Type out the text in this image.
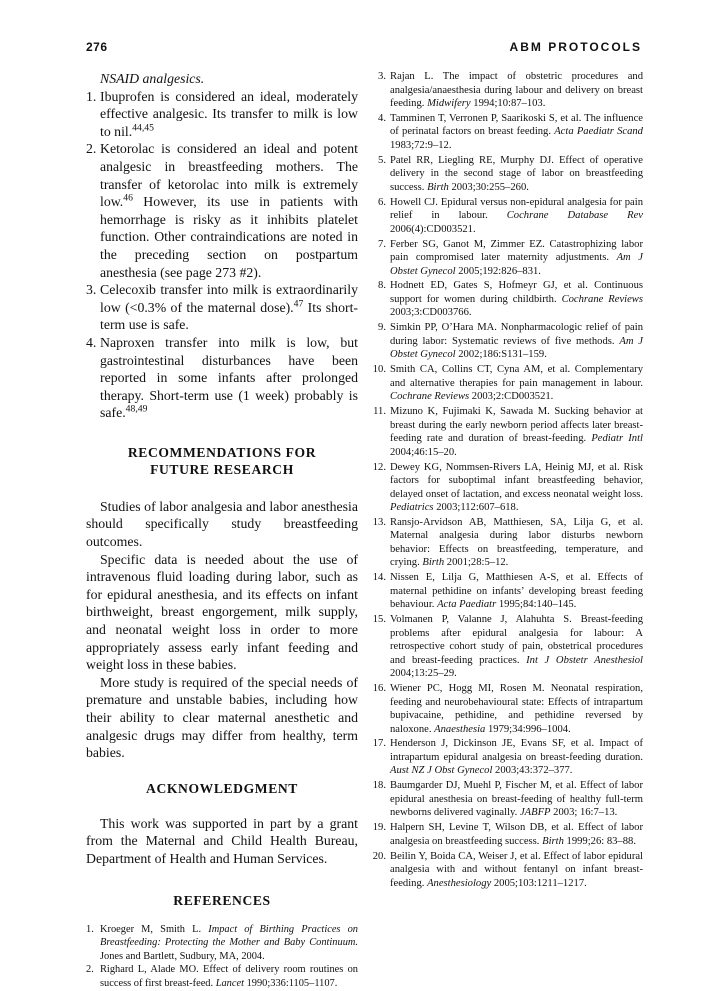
276	ABM PROTOCOLS
NSAID analgesics.
1. Ibuprofen is considered an ideal, moderately effective analgesic. Its transfer to milk is low to nil.$^{44,45}$
2. Ketorolac is considered an ideal and potent analgesic in breastfeeding mothers. The transfer of ketorolac into milk is extremely low.$^{46}$ However, its use in patients with hemorrhage is risky as it inhibits platelet function. Other contraindications are noted in the preceding section on postpartum anesthesia (see page 273 #2).
3. Celecoxib transfer into milk is extraordinarily low (<0.3% of the maternal dose).$^{47}$ Its short-term use is safe.
4. Naproxen transfer into milk is low, but gastrointestinal disturbances have been reported in some infants after prolonged therapy. Short-term use (1 week) probably is safe.$^{48,49}$
RECOMMENDATIONS FOR
FUTURE RESEARCH

Studies of labor analgesia and labor anesthesia should specifically study breastfeeding outcomes.

Specific data is needed about the use of intravenous fluid loading during labor, such as for epidural anesthesia, and its effects on infant birthweight, breast engorgement, milk supply, and neonatal weight loss in order to more appropriately assess early infant feeding and weight loss in these babies.

More study is required of the special needs of premature and unstable babies, including how their ability to clear maternal anesthetic and analgesic drugs may differ from healthy, term babies.

ACKNOWLEDGMENT

This work was supported in part by a grant from the Maternal and Child Health Bureau, Department of Health and Human Services.

REFERENCES
1. Kroeger M, Smith L. Impact of Birthing Practices on Breastfeeding: Protecting the Mother and Baby Continuum. Jones and Bartlett, Sudbury, MA, 2004.
2. Righard L, Alade MO. Effect of delivery room routines on success of first breast-feed. Lancet 1990;336:1105–1107.
3. Rajan L. The impact of obstetric procedures and analgesia/anaesthesia during labour and delivery on breast feeding. Midwifery 1994;10:87–103.
4. Tamminen T, Verronen P, Saarikoski S, et al. The influence of perinatal factors on breast feeding. Acta Paediatr Scand 1983;72:9–12.
5. Patel RR, Liegling RE, Murphy DJ. Effect of operative delivery in the second stage of labor on breastfeeding success. Birth 2003;30:255–260.
6. Howell CJ. Epidural versus non-epidural analgesia for pain relief in labour. Cochrane Database Rev 2006(4):CD003521.
7. Ferber SG, Ganot M, Zimmer EZ. Catastrophizing labor pain compromised later maternity adjustments. Am J Obstet Gynecol 2005;192:826–831.
8. Hodnett ED, Gates S, Hofmeyr GJ, et al. Continuous support for women during childbirth. Cochrane Reviews 2003;3:CD003766.
9. Simkin PP, O’Hara MA. Nonpharmacologic relief of pain during labor: Systematic reviews of five methods. Am J Obstet Gynecol 2002;186:S131–159.
10. Smith CA, Collins CT, Cyna AM, et al. Complementary and alternative therapies for pain management in labour. Cochrane Reviews 2003;2:CD003521.
11. Mizuno K, Fujimaki K, Sawada M. Sucking behavior at breast during the early newborn period affects later breast-feeding rate and duration of breast-feeding. Pediatr Intl 2004;46:15–20.
12. Dewey KG, Nommsen-Rivers LA, Heinig MJ, et al. Risk factors for suboptimal infant breastfeeding behavior, delayed onset of lactation, and excess neonatal weight loss. Pediatrics 2003;112:607–618.
13. Ransjo-Arvidson AB, Matthiesen, SA, Lilja G, et al. Maternal analgesia during labor disturbs newborn behavior: Effects on breastfeeding, temperature, and crying. Birth 2001;28:5–12.
14. Nissen E, Lilja G, Matthiesen A-S, et al. Effects of maternal pethidine on infants’ developing breast feeding behaviour. Acta Paediatr 1995;84:140–145.
15. Volmanen P, Valanne J, Alahuhta S. Breast-feeding problems after epidural analgesia for labour: A retrospective cohort study of pain, obstetrical procedures and breast-feeding practices. Int J Obstetr Anesthesiol 2004;13:25–29.
16. Wiener PC, Hogg MI, Rosen M. Neonatal respiration, feeding and neurobehavioural state: Effects of intrapartum bupivacaine, pethidine, and pethidine reversed by naloxone. Anaesthesia 1979;34:996–1004.
17. Henderson J, Dickinson JE, Evans SF, et al. Impact of intrapartum epidural analgesia on breast-feeding duration. Aust NZ J Obst Gynecol 2003;43:372–377.
18. Baumgarder DJ, Muehl P, Fischer M, et al. Effect of labor epidural anesthesia on breast-feeding of healthy full-term newborns delivered vaginally. JABFP 2003; 16:7–13.
19. Halpern SH, Levine T, Wilson DB, et al. Effect of labor analgesia on breastfeeding success. Birth 1999;26: 83–88.
20. Beilin Y, Boida CA, Weiser J, et al. Effect of labor epidural analgesia with and without fentanyl on infant breast-feeding. Anesthesiology 2005;103:1211–1217.
